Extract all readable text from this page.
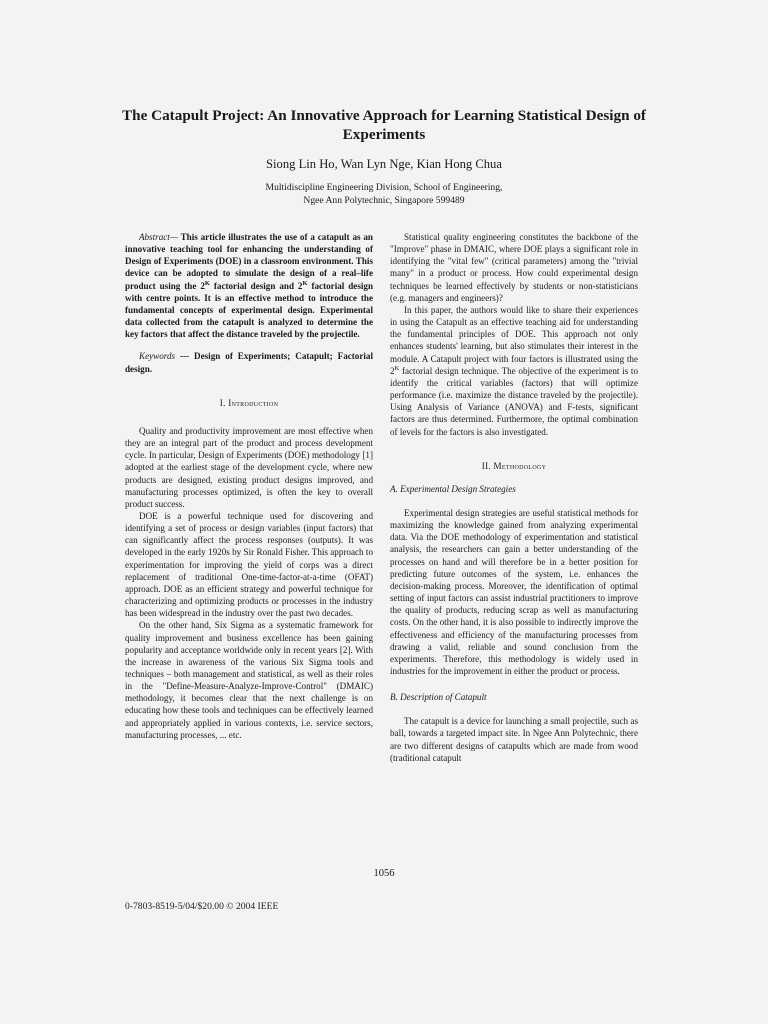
The Catapult Project: An Innovative Approach for Learning Statistical Design of Experiments
Siong Lin Ho, Wan Lyn Nge, Kian Hong Chua
Multidiscipline Engineering Division, School of Engineering,
Ngee Ann Polytechnic, Singapore 599489
Abstract— This article illustrates the use of a catapult as an innovative teaching tool for enhancing the understanding of Design of Experiments (DOE) in a classroom environment. This device can be adopted to simulate the design of a real–life product using the $2^K$ factorial design and $2^K$ factorial design with centre points. It is an effective method to introduce the fundamental concepts of experimental design. Experimental data collected from the catapult is analyzed to determine the key factors that affect the distance traveled by the projectile.
Keywords --- Design of Experiments; Catapult; Factorial design.
I. Introduction
Quality and productivity improvement are most effective when they are an integral part of the product and process development cycle. In particular, Design of Experiments (DOE) methodology [1] adopted at the earliest stage of the development cycle, where new products are designed, existing product designs improved, and manufacturing processes optimized, is often the key to overall product success.
DOE is a powerful technique used for discovering and identifying a set of process or design variables (input factors) that can significantly affect the process responses (outputs). It was developed in the early 1920s by Sir Ronald Fisher. This approach to experimentation for improving the yield of corps was a direct replacement of traditional One-time-factor-at-a-time (OFAT) approach. DOE as an efficient strategy and powerful technique for characterizing and optimizing products or processes in the industry has been widespread in the industry over the past two decades.
On the other hand, Six Sigma as a systematic framework for quality improvement and business excellence has been gaining popularity and acceptance worldwide only in recent years [2]. With the increase in awareness of the various Six Sigma tools and techniques – both management and statistical, as well as their roles in the "Define-Measure-Analyze-Improve-Control" (DMAIC) methodology, it becomes clear that the next challenge is on educating how these tools and techniques can be effectively learned and appropriately applied in various contexts, i.e. service sectors, manufacturing processes, ... etc.
Statistical quality engineering constitutes the backbone of the "Improve" phase in DMAIC, where DOE plays a significant role in identifying the "vital few" (critical parameters) among the "trivial many" in a product or process. How could experimental design techniques be learned effectively by students or non-statisticians (e.g. managers and engineers)?
In this paper, the authors would like to share their experiences in using the Catapult as an effective teaching aid for understanding the fundamental principles of DOE. This approach not only enhances students' learning, but also stimulates their interest in the module. A Catapult project with four factors is illustrated using the $2^K$ factorial design technique. The objective of the experiment is to identify the critical variables (factors) that will optimize performance (i.e. maximize the distance traveled by the projectile). Using Analysis of Variance (ANOVA) and F-tests, significant factors are thus determined. Furthermore, the optimal combination of levels for the factors is also investigated.
II. Methodology
A. Experimental Design Strategies
Experimental design strategies are useful statistical methods for maximizing the knowledge gained from analyzing experimental data. Via the DOE methodology of experimentation and statistical analysis, the researchers can gain a better understanding of the processes on hand and will therefore be in a better position for predicting future outcomes of the system, i.e. enhances the decision-making process. Moreover, the identification of optimal setting of input factors can assist industrial practitioners to improve the quality of products, reducing scrap as well as manufacturing costs. On the other hand, it is also possible to indirectly improve the effectiveness and efficiency of the manufacturing processes from drawing a valid, reliable and sound conclusion from the experiments. Therefore, this methodology is widely used in industries for the improvement in either the product or process.
B. Description of Catapult
The catapult is a device for launching a small projectile, such as ball, towards a targeted impact site. In Ngee Ann Polytechnic, there are two different designs of catapults which are made from wood (traditional catapult
1056
0-7803-8519-5/04/$20.00 © 2004 IEEE
